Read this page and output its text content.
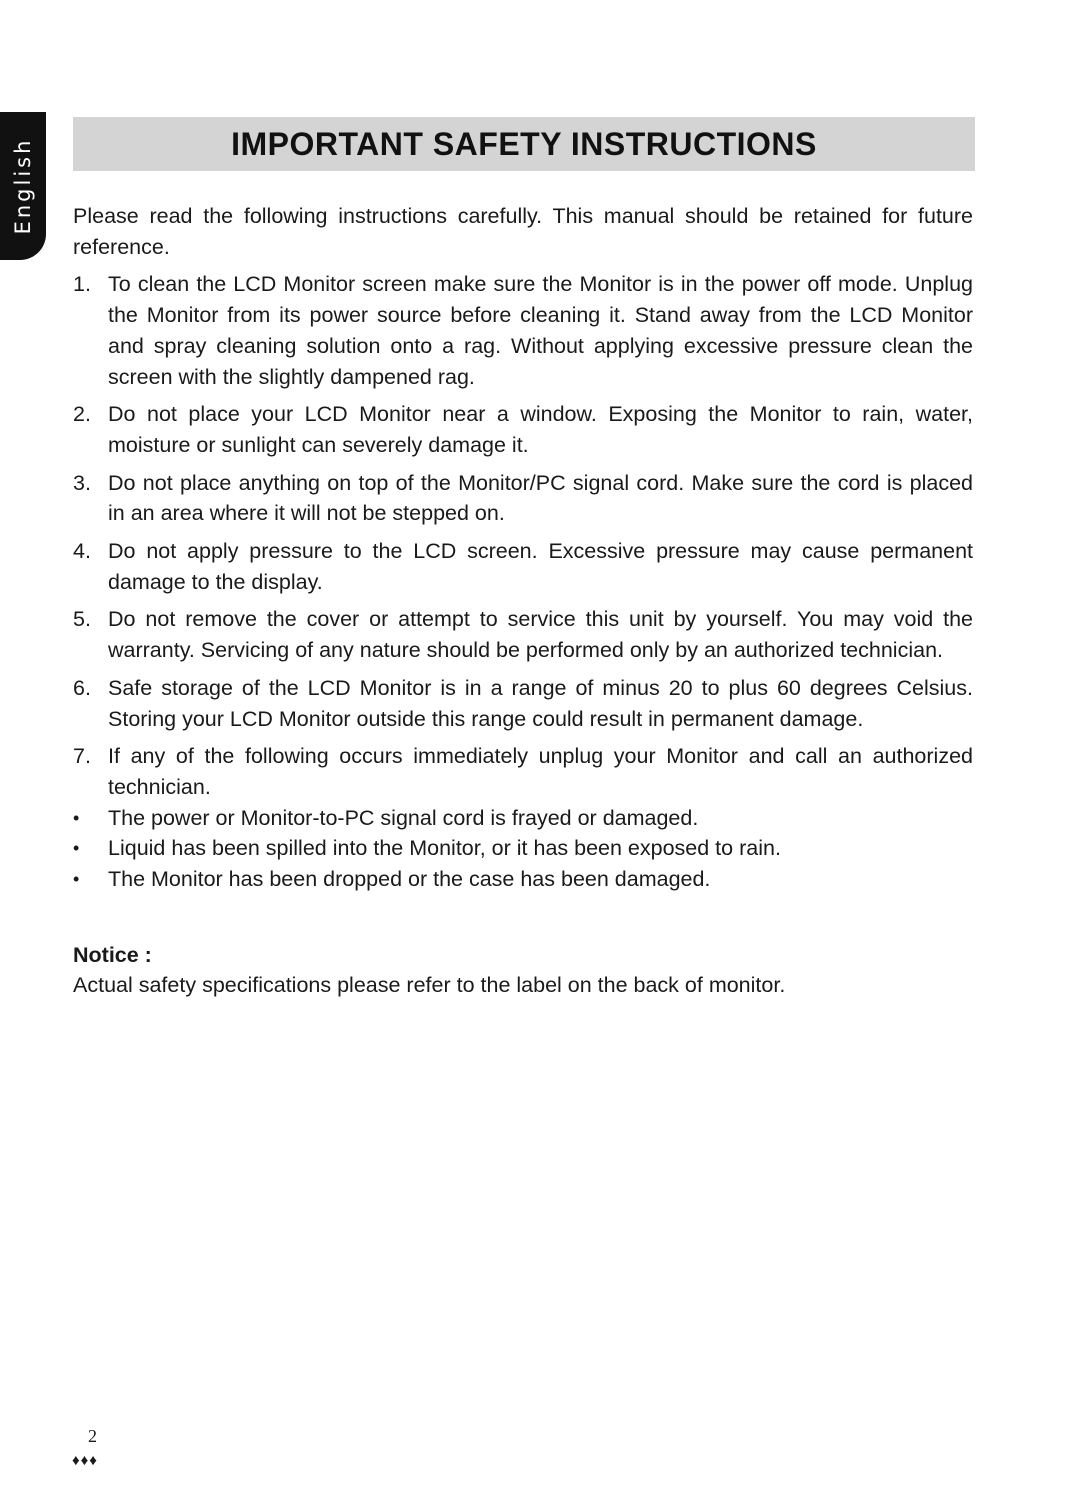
English	IMPORTANT SAFETY INSTRUCTIONS

Please read the following instructions carefully. This manual should be retained for future reference.

1. To clean the LCD Monitor screen make sure the Monitor is in the power off mode. Unplug the Monitor from its power source before cleaning it. Stand away from the LCD Monitor and spray cleaning solution onto a rag. Without applying excessive pressure clean the screen with the slightly dampened rag.
2. Do not place your LCD Monitor near a window. Exposing the Monitor to rain, water, moisture or sunlight can severely damage it.
3. Do not place anything on top of the Monitor/PC signal cord. Make sure the cord is placed in an area where it will not be stepped on.
4. Do not apply pressure to the LCD screen. Excessive pressure may cause permanent damage to the display.
5. Do not remove the cover or attempt to service this unit by yourself. You may void the warranty. Servicing of any nature should be performed only by an authorized technician.
6. Safe storage of the LCD Monitor is in a range of minus 20 to plus 60 degrees Celsius. Storing your LCD Monitor outside this range could result in permanent damage.
7. If any of the following occurs immediately unplug your Monitor and call an authorized technician.
•	The power or Monitor-to-PC signal cord is frayed or damaged.
•	Liquid has been spilled into the Monitor, or it has been exposed to rain.
•	The Monitor has been dropped or the case has been damaged.
Notice :
Actual safety specifications please refer to the label on the back of monitor.
2
♦♦♦
